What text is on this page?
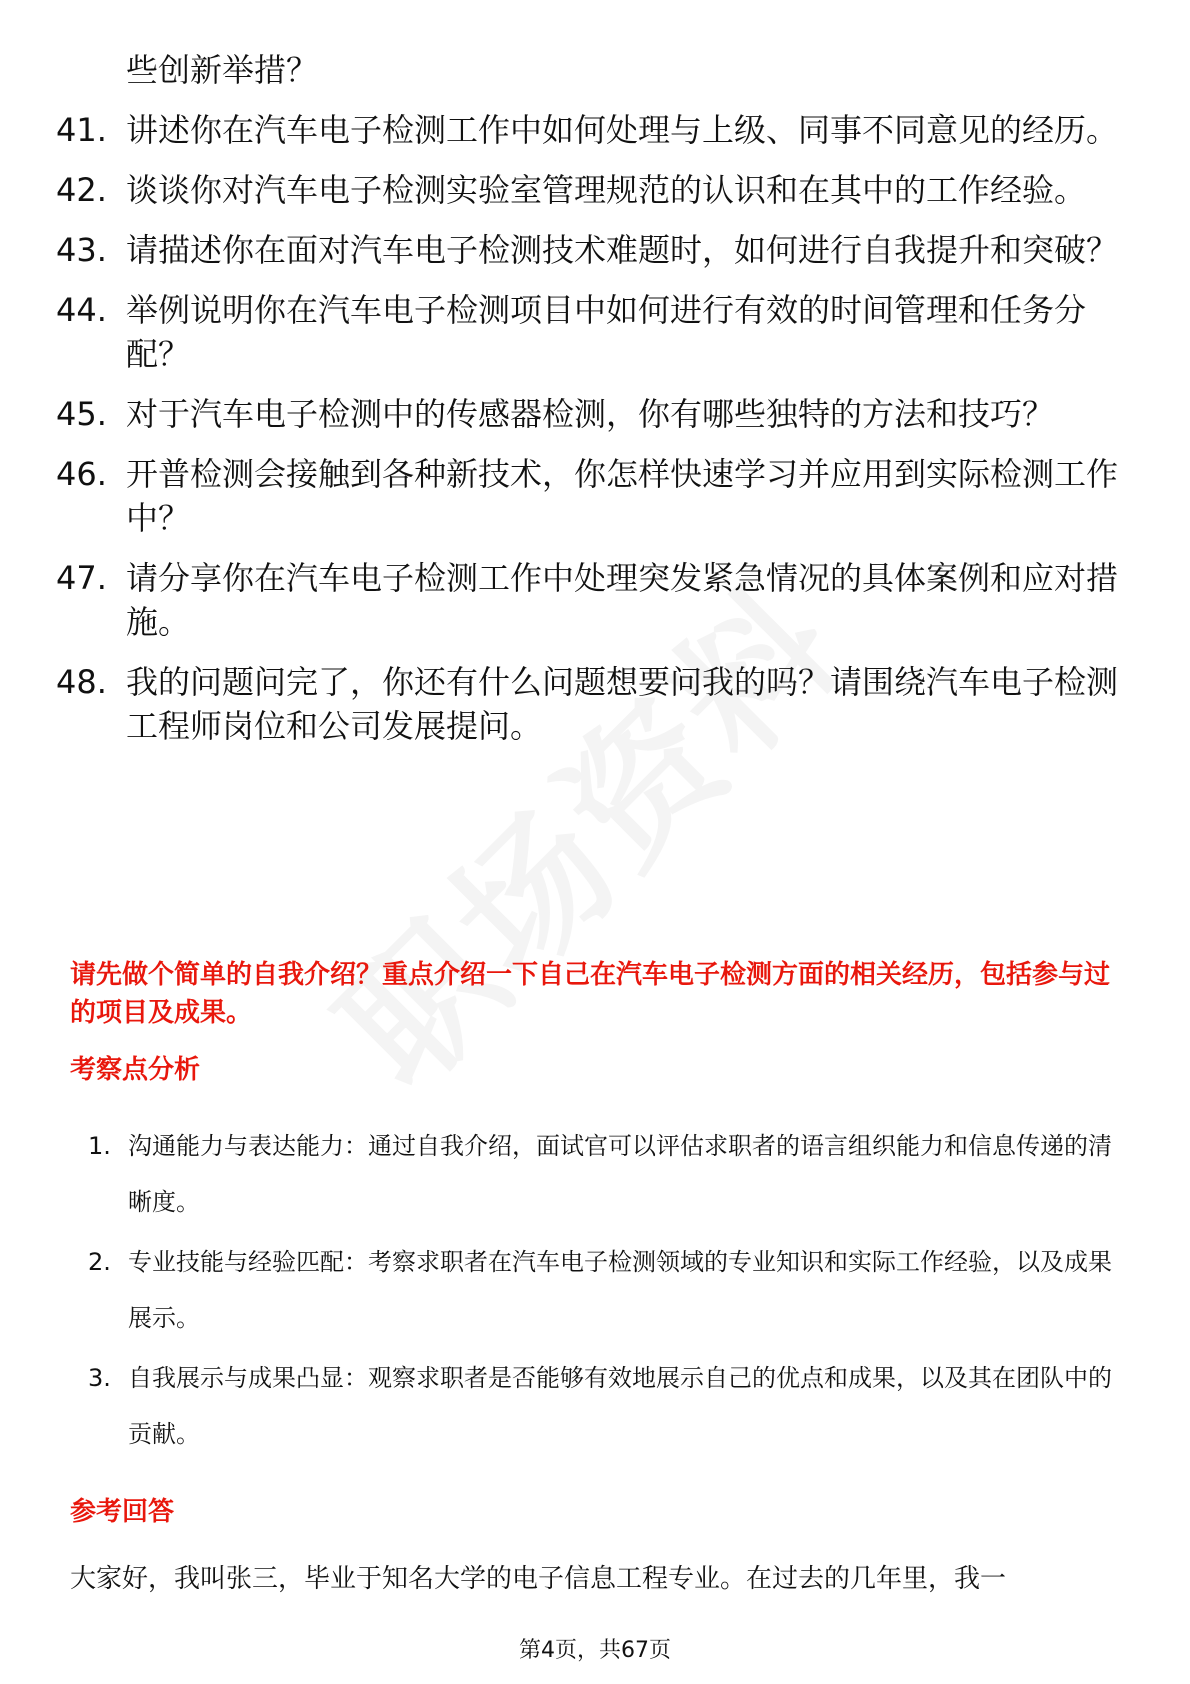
些创新举措？
41. 讲述你在汽车电子检测工作中如何处理与上级、同事不同意见的经历。
42. 谈谈你对汽车电子检测实验室管理规范的认识和在其中的工作经验。
43. 请描述你在面对汽车电子检测技术难题时，如何进行自我提升和突破？
44. 举例说明你在汽车电子检测项目中如何进行有效的时间管理和任务分配？
45. 对于汽车电子检测中的传感器检测，你有哪些独特的方法和技巧？
46. 开普检测会接触到各种新技术，你怎样快速学习并应用到实际检测工作中？
47. 请分享你在汽车电子检测工作中处理突发紧急情况的具体案例和应对措施。
48. 我的问题问完了，你还有什么问题想要问我的吗？请围绕汽车电子检测工程师岗位和公司发展提问。
请先做个简单的自我介绍？重点介绍一下自己在汽车电子检测方面的相关经历，包括参与过的项目及成果。
考察点分析
1. 沟通能力与表达能力：通过自我介绍，面试官可以评估求职者的语言组织能力和信息传递的清晰度。
2. 专业技能与经验匹配：考察求职者在汽车电子检测领域的专业知识和实际工作经验，以及成果展示。
3. 自我展示与成果凸显：观察求职者是否能够有效地展示自己的优点和成果，以及其在团队中的贡献。
参考回答
大家好，我叫张三，毕业于知名大学的电子信息工程专业。在过去的几年里，我一
第4页，共67页
